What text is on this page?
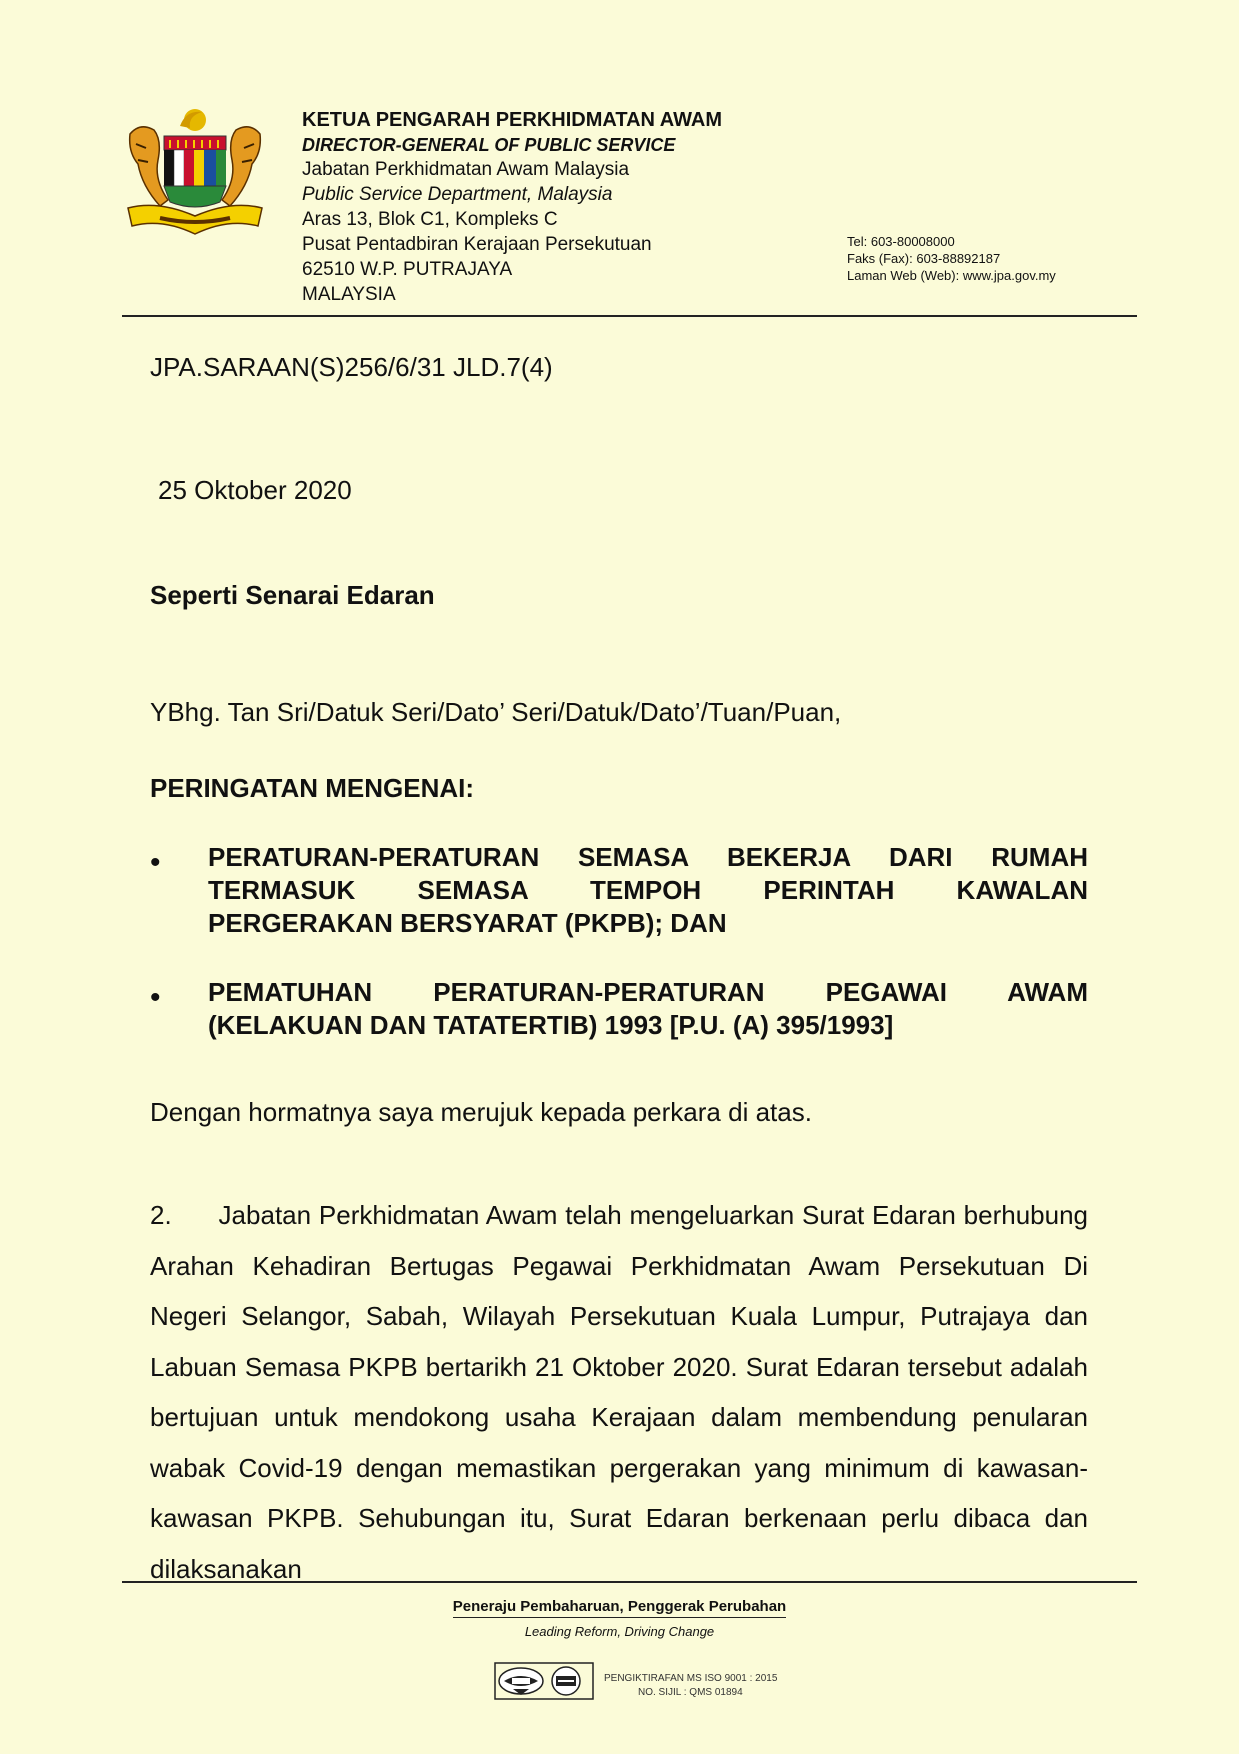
KETUA PENGARAH PERKHIDMATAN AWAM
DIRECTOR-GENERAL OF PUBLIC SERVICE
Jabatan Perkhidmatan Awam Malaysia
Public Service Department, Malaysia
Aras 13, Blok C1, Kompleks C
Pusat Pentadbiran Kerajaan Persekutuan
62510 W.P. PUTRAJAYA
MALAYSIA
Tel: 603-80008000
Faks (Fax): 603-88892187
Laman Web (Web): www.jpa.gov.my
JPA.SARAAN(S)256/6/31 JLD.7(4)
25 Oktober 2020
Seperti Senarai Edaran
YBhg. Tan Sri/Datuk Seri/Dato’ Seri/Datuk/Dato’/Tuan/Puan,
PERINGATAN MENGENAI:
• PERATURAN-PERATURAN SEMASA BEKERJA DARI RUMAH TERMASUK SEMASA TEMPOH PERINTAH KAWALAN
PERGERAKAN BERSYARAT (PKPB); DAN
• PEMATUHAN PERATURAN-PERATURAN PEGAWAI AWAM
(KELAKUAN DAN TATATERTIB) 1993 [P.U. (A) 395/1993]
Dengan hormatnya saya merujuk kepada perkara di atas.
2.      Jabatan Perkhidmatan Awam telah mengeluarkan Surat Edaran berhubung Arahan Kehadiran Bertugas Pegawai Perkhidmatan Awam Persekutuan Di Negeri Selangor, Sabah, Wilayah Persekutuan Kuala Lumpur, Putrajaya dan Labuan Semasa PKPB bertarikh 21 Oktober 2020. Surat Edaran tersebut adalah bertujuan untuk mendokong usaha Kerajaan dalam membendung penularan wabak Covid-19 dengan memastikan pergerakan yang minimum di kawasan-kawasan PKPB. Sehubungan itu, Surat Edaran berkenaan perlu dibaca dan dilaksanakan
Peneraju Pembaharuan, Penggerak Perubahan
Leading Reform, Driving Change
PENGIKTIRAFAN MS ISO 9001 : 2015
NO. SIJIL : QMS 01894
